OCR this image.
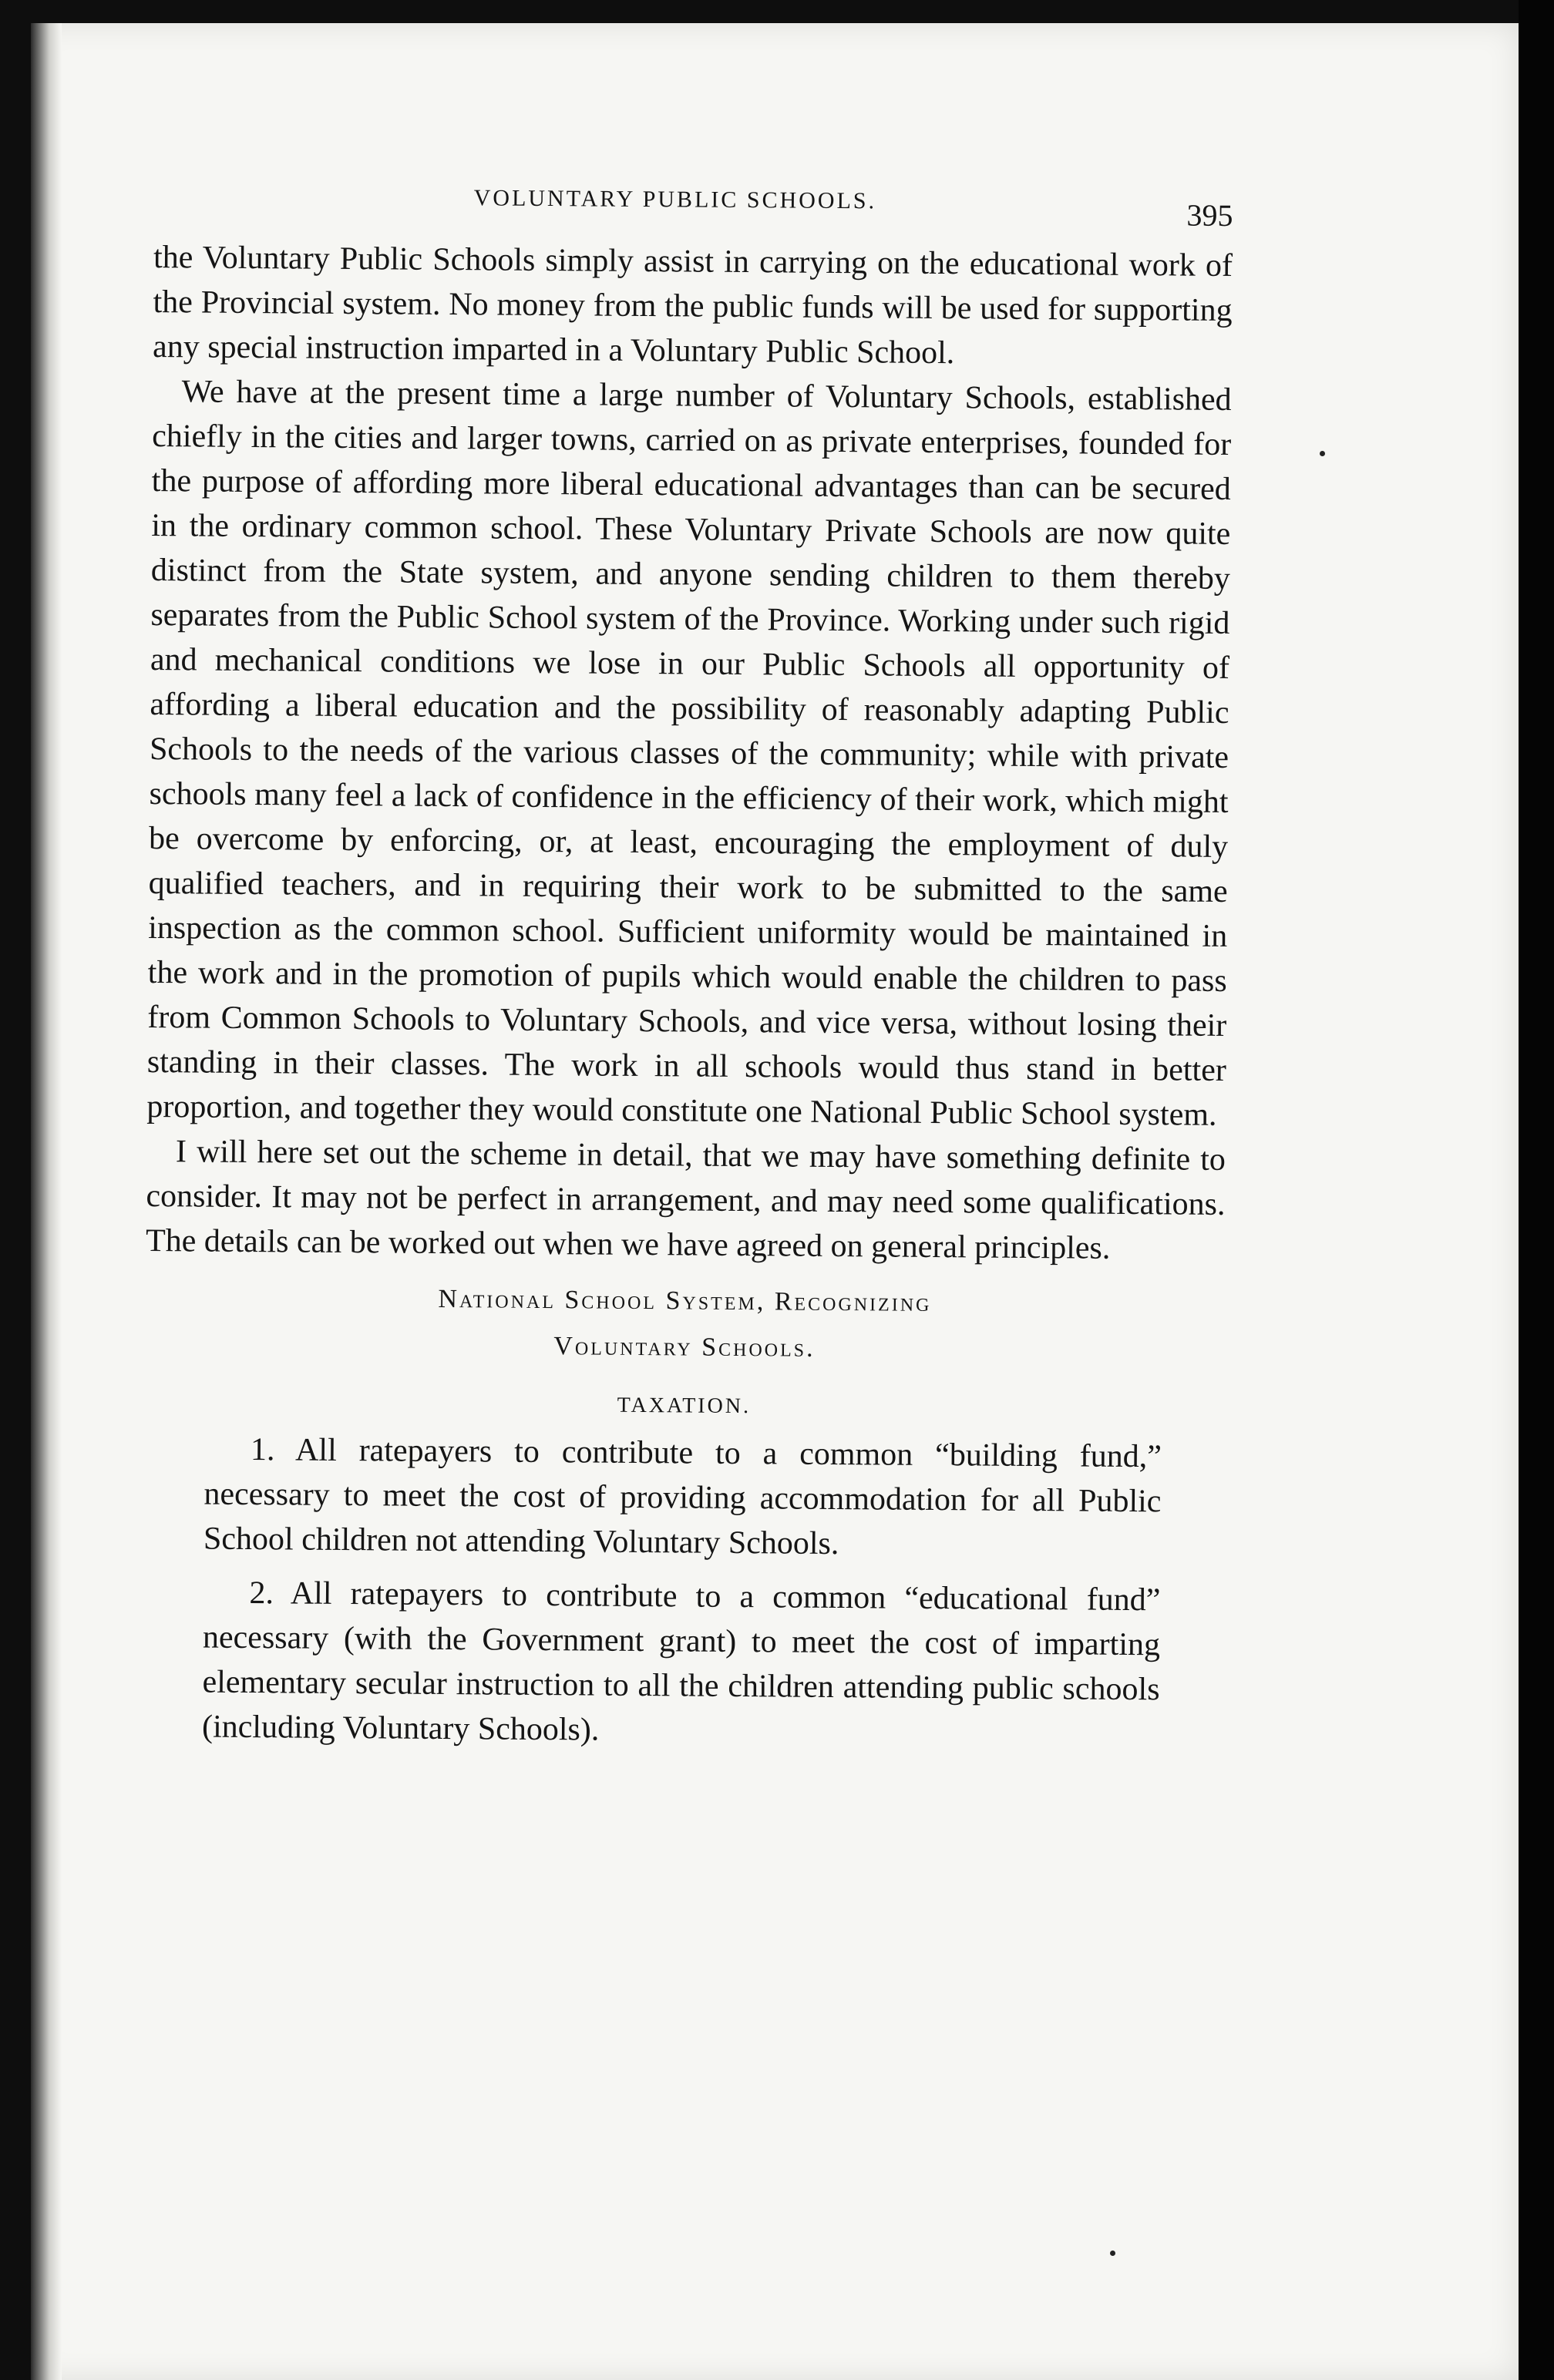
VOLUNTARY PUBLIC SCHOOLS.	395

the Voluntary Public Schools simply assist in carrying on the educational work of the Provincial system. No money from the public funds will be used for supporting any special instruction imparted in a Voluntary Public School.

We have at the present time a large number of Voluntary Schools, established chiefly in the cities and larger towns, carried on as private enterprises, founded for the purpose of affording more liberal educational advantages than can be secured in the ordinary common school. These Voluntary Private Schools are now quite distinct from the State system, and anyone sending children to them thereby separates from the Public School system of the Province. Working under such rigid and mechanical conditions we lose in our Public Schools all opportunity of affording a liberal education and the possibility of reasonably adapting Public Schools to the needs of the various classes of the community; while with private schools many feel a lack of confidence in the efficiency of their work, which might be overcome by enforcing, or, at least, encouraging the employment of duly qualified teachers, and in requiring their work to be submitted to the same inspection as the common school. Sufficient uniformity would be maintained in the work and in the promotion of pupils which would enable the children to pass from Common Schools to Voluntary Schools, and vice versa, without losing their standing in their classes. The work in all schools would thus stand in better proportion, and together they would constitute one National Public School system.

I will here set out the scheme in detail, that we may have something definite to consider. It may not be perfect in arrangement, and may need some qualifications. The details can be worked out when we have agreed on general principles.

National School System, Recognizing
Voluntary Schools.
TAXATION.

1. All ratepayers to contribute to a common “building fund,” necessary to meet the cost of providing accommodation for all Public School children not attending Voluntary Schools.

2. All ratepayers to contribute to a common “educational fund” necessary (with the Government grant) to meet the cost of imparting elementary secular instruction to all the children attending public schools (including Voluntary Schools).
